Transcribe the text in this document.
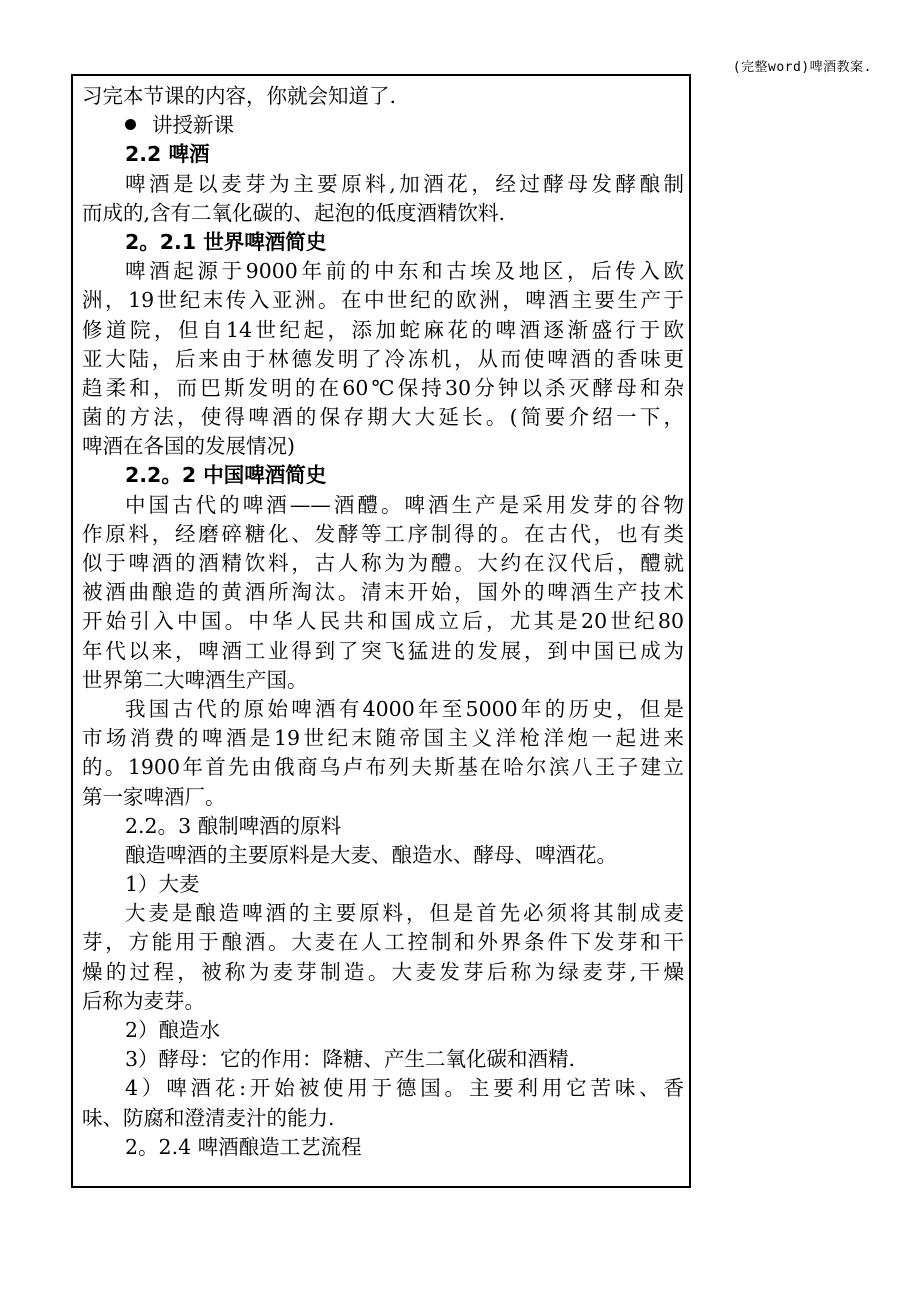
(完整word)啤酒教案.
习完本节课的内容，你就会知道了.
讲授新课
2.2 啤酒
啤酒是以麦芽为主要原料,加酒花，经过酵母发酵酿制
而成的,含有二氧化碳的、起泡的低度酒精饮料.
2。2.1 世界啤酒简史
啤酒起源于9000年前的中东和古埃及地区，后传入欧
洲，19世纪末传入亚洲。在中世纪的欧洲，啤酒主要生产于
修道院，但自14世纪起，添加蛇麻花的啤酒逐渐盛行于欧
亚大陆，后来由于林德发明了冷冻机，从而使啤酒的香味更
趋柔和，而巴斯发明的在60℃保持30分钟以杀灭酵母和杂
菌的方法，使得啤酒的保存期大大延长。(简要介绍一下，
啤酒在各国的发展情况)
2.2。2 中国啤酒简史
中国古代的啤酒——酒醴。啤酒生产是采用发芽的谷物
作原料，经磨碎糖化、发酵等工序制得的。在古代，也有类
似于啤酒的酒精饮料，古人称为为醴。大约在汉代后，醴就
被酒曲酿造的黄酒所淘汰。清末开始，国外的啤酒生产技术
开始引入中国。中华人民共和国成立后，尤其是20世纪80
年代以来，啤酒工业得到了突飞猛进的发展，到中国已成为
世界第二大啤酒生产国。
我国古代的原始啤酒有4000年至5000年的历史，但是
市场消费的啤酒是19世纪末随帝国主义洋枪洋炮一起进来
的。1900年首先由俄商乌卢布列夫斯基在哈尔滨八王子建立
第一家啤酒厂。
2.2。3 酿制啤酒的原料
酿造啤酒的主要原料是大麦、酿造水、酵母、啤酒花。
1）大麦
大麦是酿造啤酒的主要原料，但是首先必须将其制成麦
芽，方能用于酿酒。大麦在人工控制和外界条件下发芽和干
燥的过程，被称为麦芽制造。大麦发芽后称为绿麦芽,干燥
后称为麦芽。
2）酿造水
3）酵母：它的作用：降糖、产生二氧化碳和酒精.
4）啤酒花:开始被使用于德国。主要利用它苦味、香
味、防腐和澄清麦汁的能力.
2。2.4 啤酒酿造工艺流程
